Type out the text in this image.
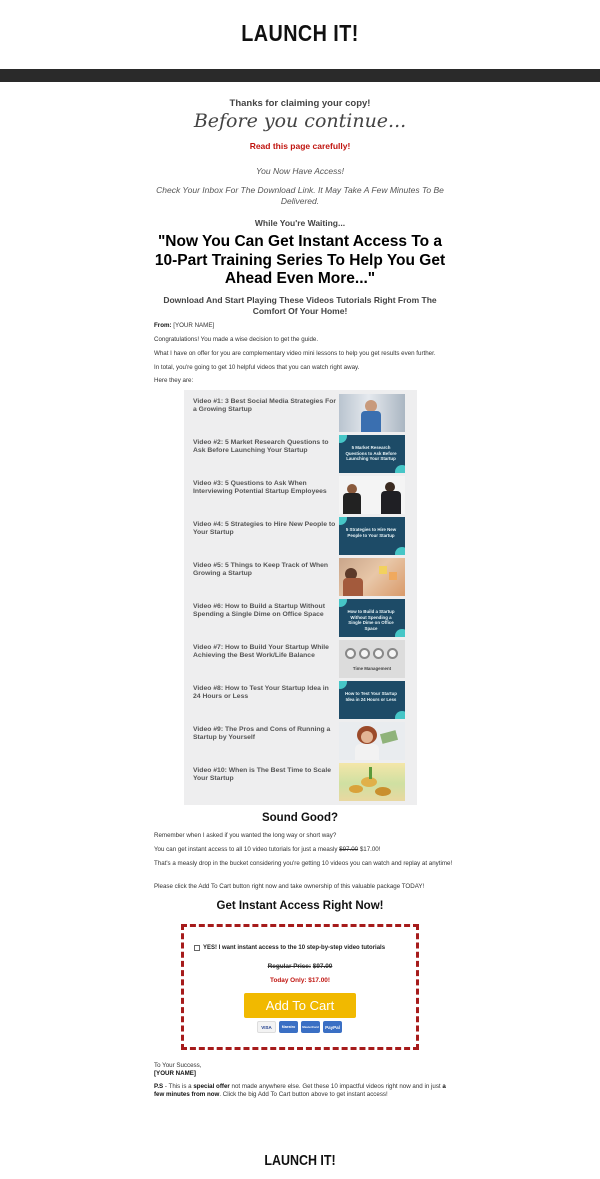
LAUNCH IT!
Thanks for claiming your copy!
Before you continue...
Read this page carefully!
You Now Have Access!
Check Your Inbox For The Download Link. It May Take A Few Minutes To Be Delivered.
While You're Waiting...
"Now You Can Get Instant Access To a 10-Part Training Series To Help You Get Ahead Even More..."
Download And Start Playing These Videos Tutorials Right From The Comfort Of Your Home!
From: [YOUR NAME]
Congratulations! You made a wise decision to get the guide.
What I have on offer for you are complementary video mini lessons to help you get results even further.
In total, you're going to get 10 helpful videos that you can watch right away.
Here they are:
Video #1: 3 Best Social Media Strategies For a Growing Startup
Video #2: 5 Market Research Questions to Ask Before Launching Your Startup	5 Market Research Questions to Ask Before Launching Your Startup
Video #3: 5 Questions to Ask When Interviewing Potential Startup Employees
Video #4: 5 Strategies to Hire New People to Your Startup	5 Strategies to Hire New People to Your Startup
Video #5: 5 Things to Keep Track of When Growing a Startup
Video #6: How to Build a Startup Without Spending a Single Dime on Office Space	How to Build a Startup Without Spending a Single Dime on Office Space
Video #7: How to Build Your Startup While Achieving the Best Work/Life Balance
Time Management
Video #8: How to Test Your Startup Idea in 24 Hours or Less	How to Test Your Startup Idea in 24 Hours or Less
Video #9: The Pros and Cons of Running a Startup by Yourself
Video #10: When is The Best Time to Scale Your Startup
Sound Good?
Remember when I asked if you wanted the long way or short way?
You can get instant access to all 10 video tutorials for just a measly $97.00 $17.00!
That's a measly drop in the bucket considering you're getting 10 videos you can watch and replay at anytime!
Please click the Add To Cart button right now and take ownership of this valuable package TODAY!
Get Instant Access Right Now!
YES! I want instant access to the 10 step-by-step video tutorials
Regular Price: $97.00
Today Only: $17.00!
Add To Cart
VISA	Maestro	MasterCard	PayPal
To Your Success,
[YOUR NAME]
P.S - This is a special offer not made anywhere else. Get these 10 impactful videos right now and in just a few minutes from now. Click the big Add To Cart button above to get instant access!
LAUNCH IT!
